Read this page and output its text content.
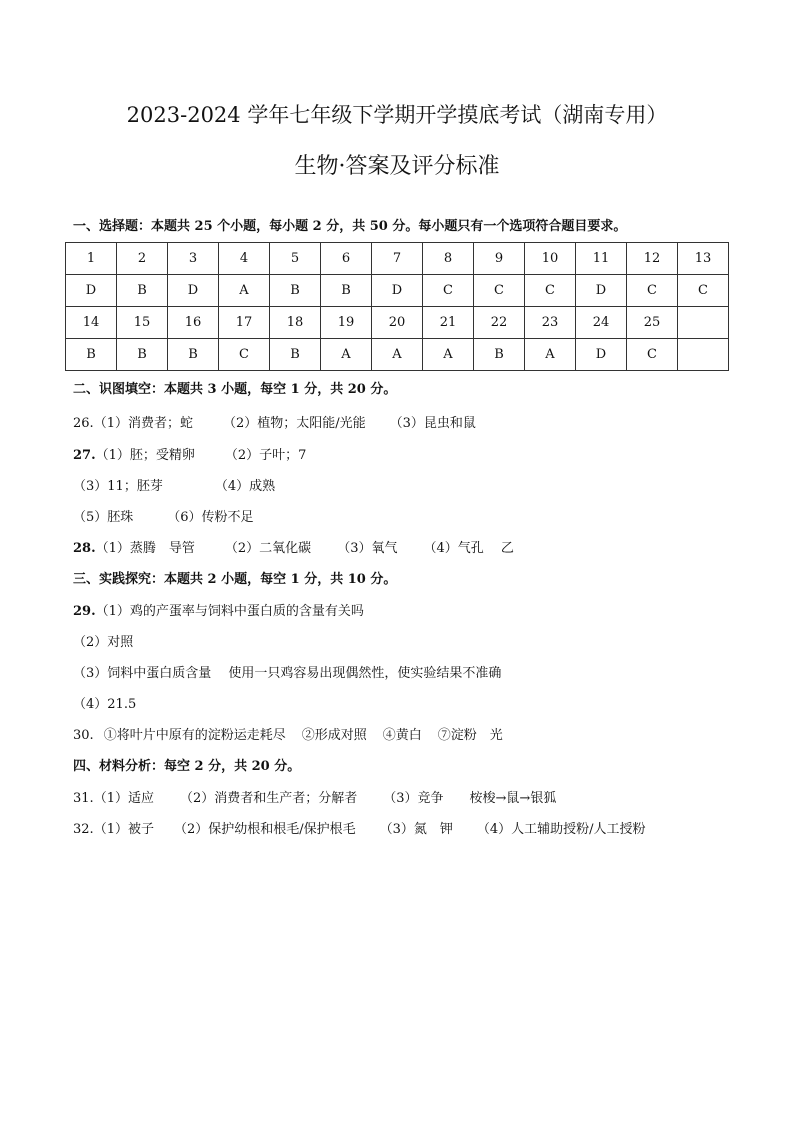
2023-2024 学年七年级下学期开学摸底考试（湖南专用）
生物·答案及评分标准
一、选择题：本题共 25 个小题，每小题 2 分，共 50 分。每小题只有一个选项符合题目要求。
1	2	3	4	5	6	7	8	9	10	11	12	13
D	B	D	A	B	B	D	C	C	C	D	C	C
14	15	16	17	18	19	20	21	22	23	24	25	
B	B	B	C	B	A	A	A	B	A	D	C	
二、识图填空：本题共 3 小题，每空 1 分，共 20 分。
26.（1）消费者；蛇 （2）植物；太阳能/光能 （3）昆虫和鼠
27.（1）胚；受精卵 （2）子叶；7
（3）11；胚芽	（4）成熟
（5）胚珠	（6）传粉不足
28.（1）蒸腾　导管 （2）二氧化碳 （3）氧气 （4）气孔　 乙
三、实践探究：本题共 2 小题，每空 1 分，共 10 分。
29.（1）鸡的产蛋率与饲料中蛋白质的含量有关吗
（2）对照
（3）饲料中蛋白质含量　 使用一只鸡容易出现偶然性，使实验结果不准确
（4）21.5
30. ①将叶片中原有的淀粉运走耗尽 ②形成对照 ④黄白 ⑦淀粉　光
四、材料分析：每空 2 分，共 20 分。
31.（1）适应 （2）消费者和生产者；分解者 （3）竞争 桉梭→鼠→银狐
32.（1）被子 （2）保护幼根和根毛/保护根毛 （3）氮　钾 （4）人工辅助授粉/人工授粉
